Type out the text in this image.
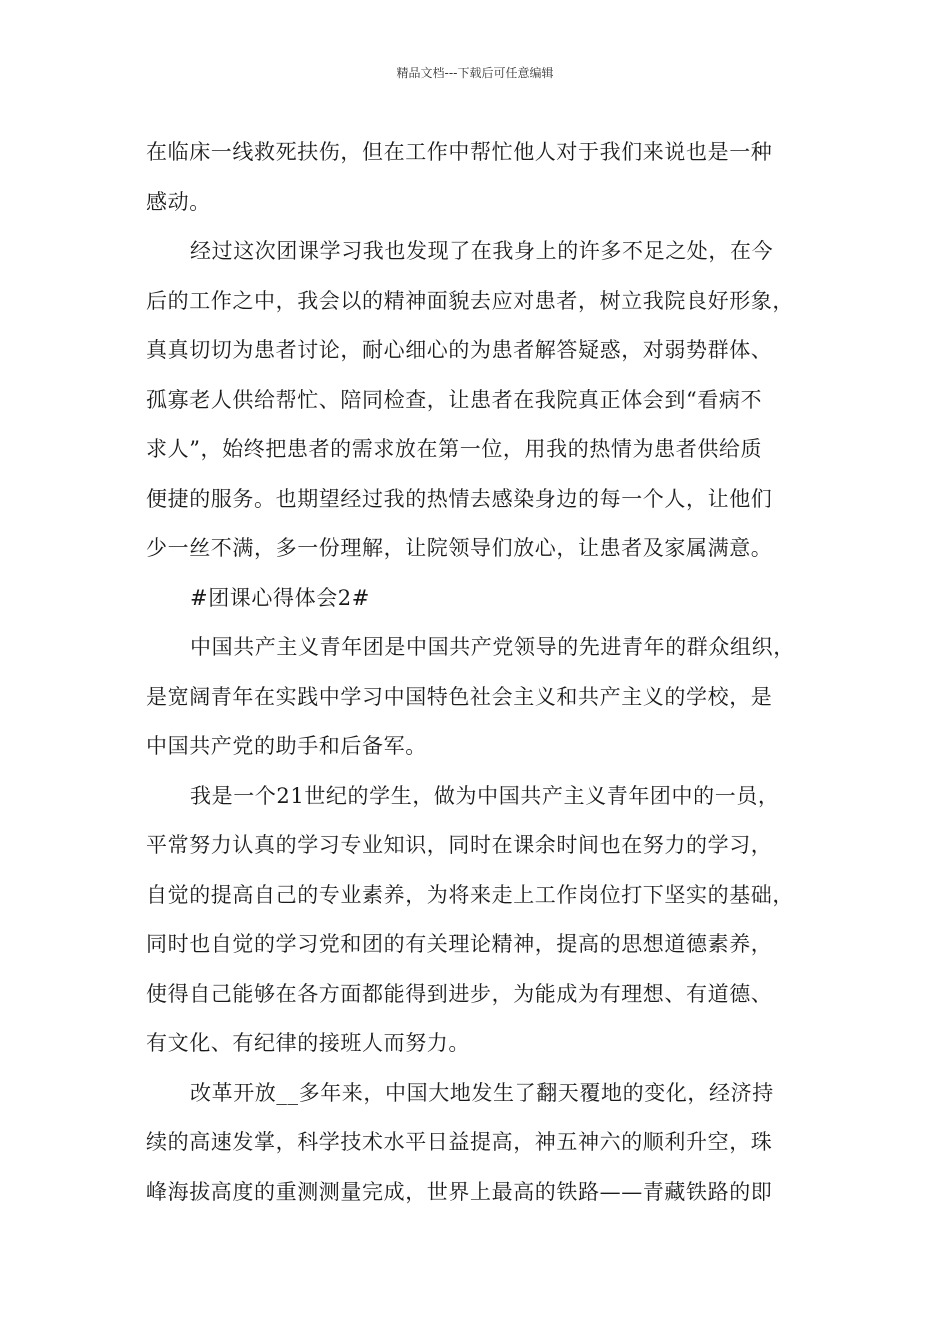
精品文档---下载后可任意编辑
在临床一线救死扶伤，但在工作中帮忙他人对于我们来说也是一种
感动。
经过这次团课学习我也发现了在我身上的许多不足之处，在今
后的工作之中，我会以的精神面貌去应对患者，树立我院良好形象，
真真切切为患者讨论，耐心细心的为患者解答疑惑，对弱势群体、
孤寡老人供给帮忙、陪同检查，让患者在我院真正体会到“看病不
求人”，始终把患者的需求放在第一位，用我的热情为患者供给质
便捷的服务。也期望经过我的热情去感染身边的每一个人，让他们
少一丝不满，多一份理解，让院领导们放心，让患者及家属满意。
#团课心得体会2#
中国共产主义青年团是中国共产党领导的先进青年的群众组织，
是宽阔青年在实践中学习中国特色社会主义和共产主义的学校，是
中国共产党的助手和后备军。
我是一个21世纪的学生，做为中国共产主义青年团中的一员，
平常努力认真的学习专业知识，同时在课余时间也在努力的学习，
自觉的提高自己的专业素养，为将来走上工作岗位打下坚实的基础，
同时也自觉的学习党和团的有关理论精神，提高的思想道德素养，
使得自己能够在各方面都能得到进步，为能成为有理想、有道德、
有文化、有纪律的接班人而努力。
改革开放__多年来，中国大地发生了翻天覆地的变化，经济持
续的高速发掌，科学技术水平日益提高，神五神六的顺利升空，珠
峰海拔高度的重测测量完成，世界上最高的铁路——青藏铁路的即
